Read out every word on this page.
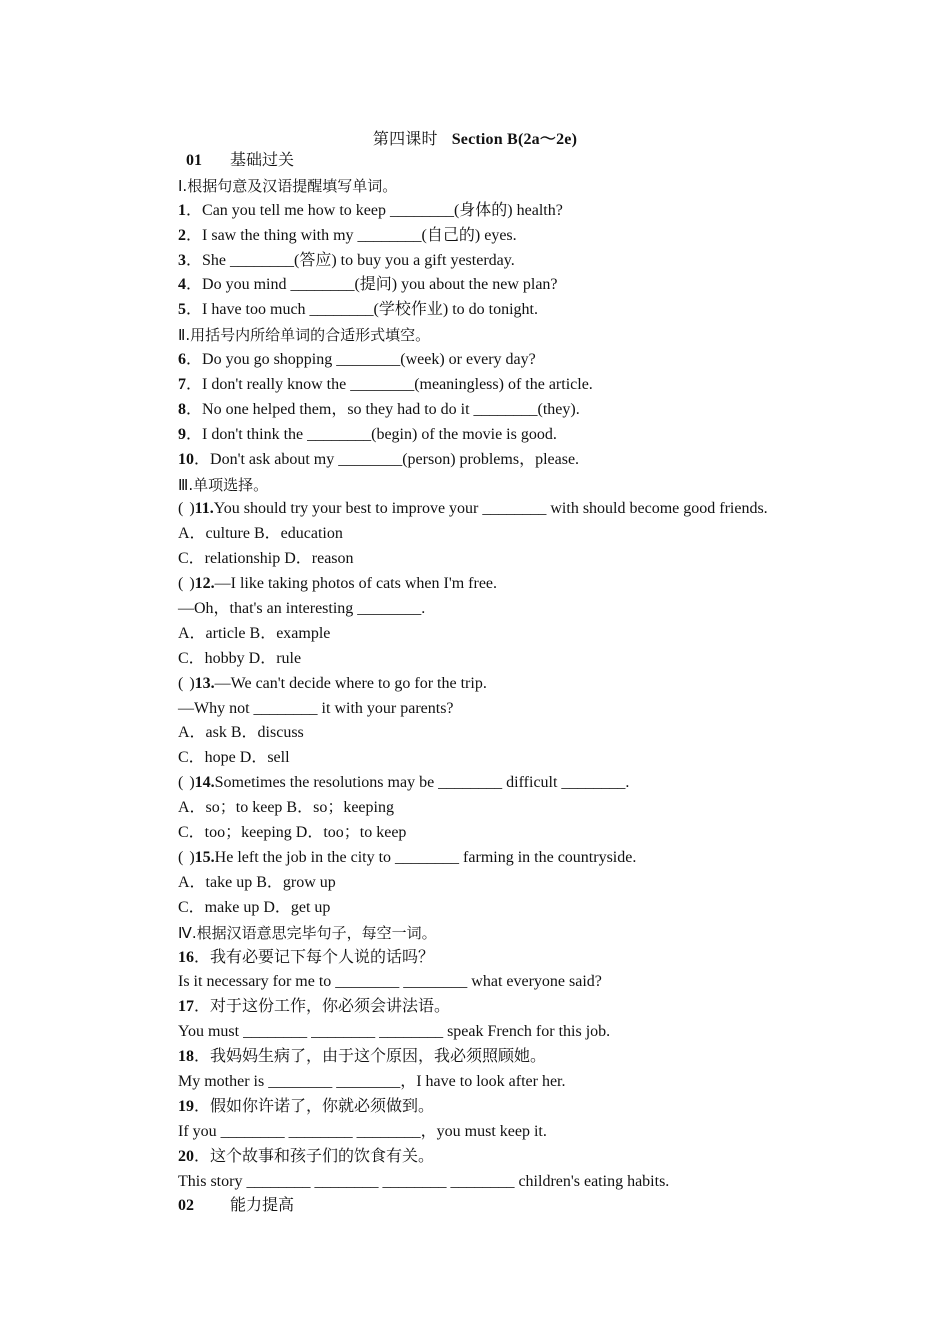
第四课时 Section B(2a～2e)
01 基础过关
Ⅰ.根据句意及汉语提醒填写单词。
1．Can you tell me how to keep ________(身体的) health?
2．I saw the thing with my ________(自己的) eyes.
3．She ________(答应) to buy you a gift yesterday.
4．Do you mind ________(提问) you about the new plan?
5．I have too much ________(学校作业) to do tonight.
Ⅱ.用括号内所给单词的合适形式填空。
6．Do you go shopping ________(week) or every day?
7．I don't really know the ________(meaningless) of the article.
8．No one helped them，so they had to do it ________(they).
9．I don't think the ________(begin) of the movie is good.
10．Don't ask about my ________(person) problems，please.
Ⅲ.单项选择。
( )11.You should try your best to improve your ________ with should become good friends.
A．culture B．education
C．relationship D．reason
( )12.—I like taking photos of cats when I'm free.
—Oh，that's an interesting ________.
A．article B．example
C．hobby D．rule
( )13.—We can't decide where to go for the trip.
—Why not ________ it with your parents?
A．ask B．discuss
C．hope D．sell
( )14.Sometimes the resolutions may be ________ difficult ________.
A．so；to keep B．so；keeping
C．too；keeping D．too；to keep
( )15.He left the job in the city to ________ farming in the countryside.
A．take up B．grow up
C．make up D．get up
Ⅳ.根据汉语意思完毕句子，每空一词。
16．我有必要记下每个人说的话吗？
Is it necessary for me to ________ ________ what everyone said?
17．对于这份工作，你必须会讲法语。
You must ________ ________ ________ speak French for this job.
18．我妈妈生病了，由于这个原因，我必须照顾她。
My mother is ________ ________，I have to look after her.
19．假如你许诺了，你就必须做到。
If you ________ ________ ________，you must keep it.
20．这个故事和孩子们的饮食有关。
This story ________ ________ ________ ________ children's eating habits.
02 能力提高
